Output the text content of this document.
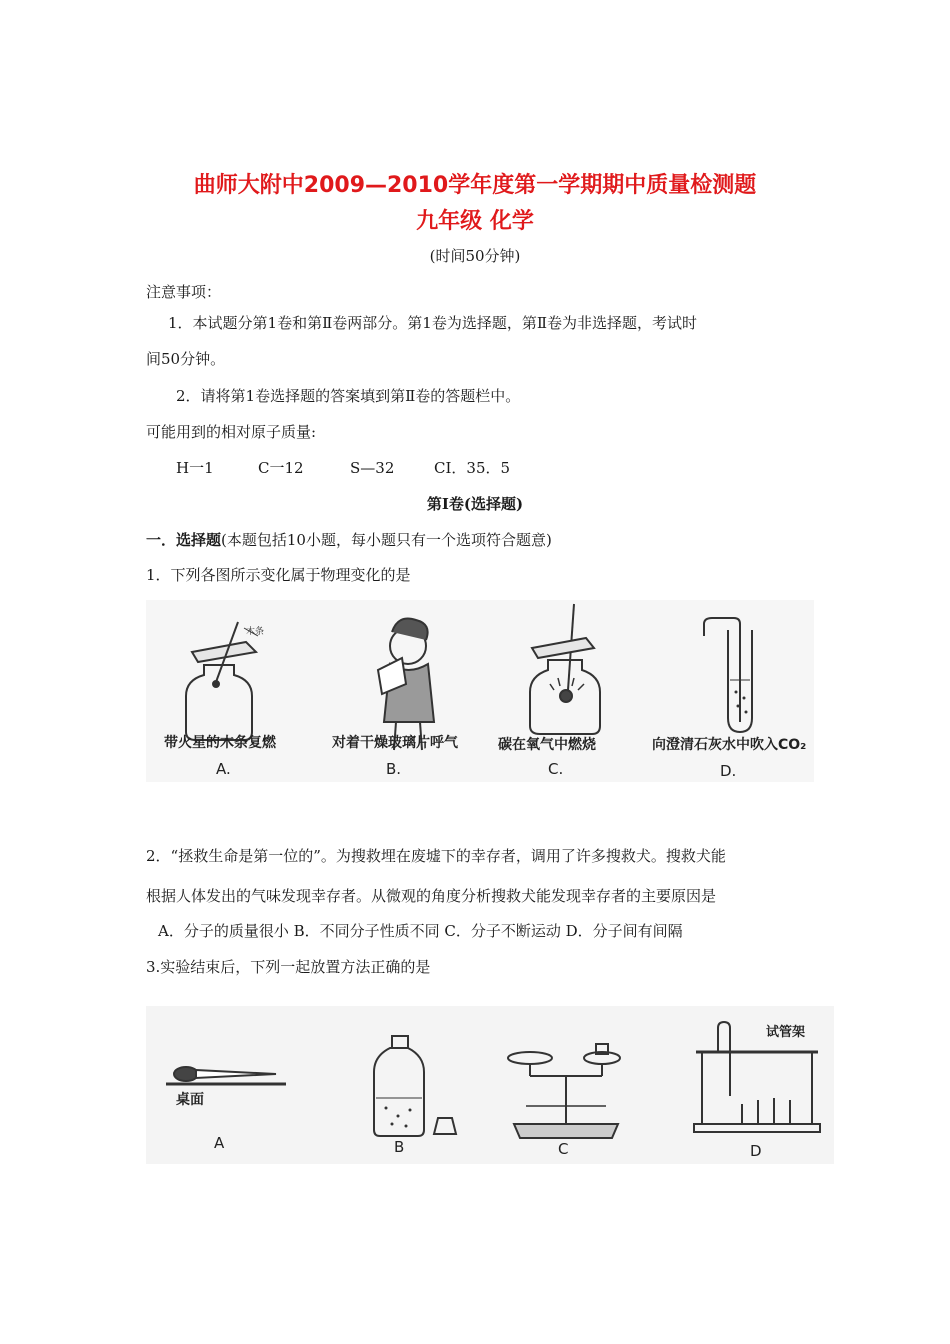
曲师大附中2009—2010学年度第一学期期中质量检测题
九年级 化学
(时间50分钟)
注意事项：
1．本试题分第1卷和第Ⅱ卷两部分。第1卷为选择题，第Ⅱ卷为非选择题，考试时
间50分钟。
2．请将第1卷选择题的答案填到第Ⅱ卷的答题栏中。
可能用到的相对原子质量:
H一1	C一12	S—32	CI．35．5
第Ⅰ卷(选择题)
一．选择题(本题包括10小题，每小题只有一个选项符合题意)
1．下列各图所示变化属于物理变化的是
木条
带火星的木条复燃
A.
对着干燥玻璃片呼气
B.
碳在氧气中燃烧
C.
向澄清石灰水中吹入CO₂
D.
2．“拯救生命是第一位的”。为搜救埋在废墟下的幸存者，调用了许多搜救犬。搜救犬能
根据人体发出的气味发现幸存者。从微观的角度分析搜救犬能发现幸存者的主要原因是
A．分子的质量很小 B．不同分子性质不同 C．分子不断运动 D．分子间有间隔
3.实验结束后，下列一起放置方法正确的是
桌面
试管架
A	B	C	D
